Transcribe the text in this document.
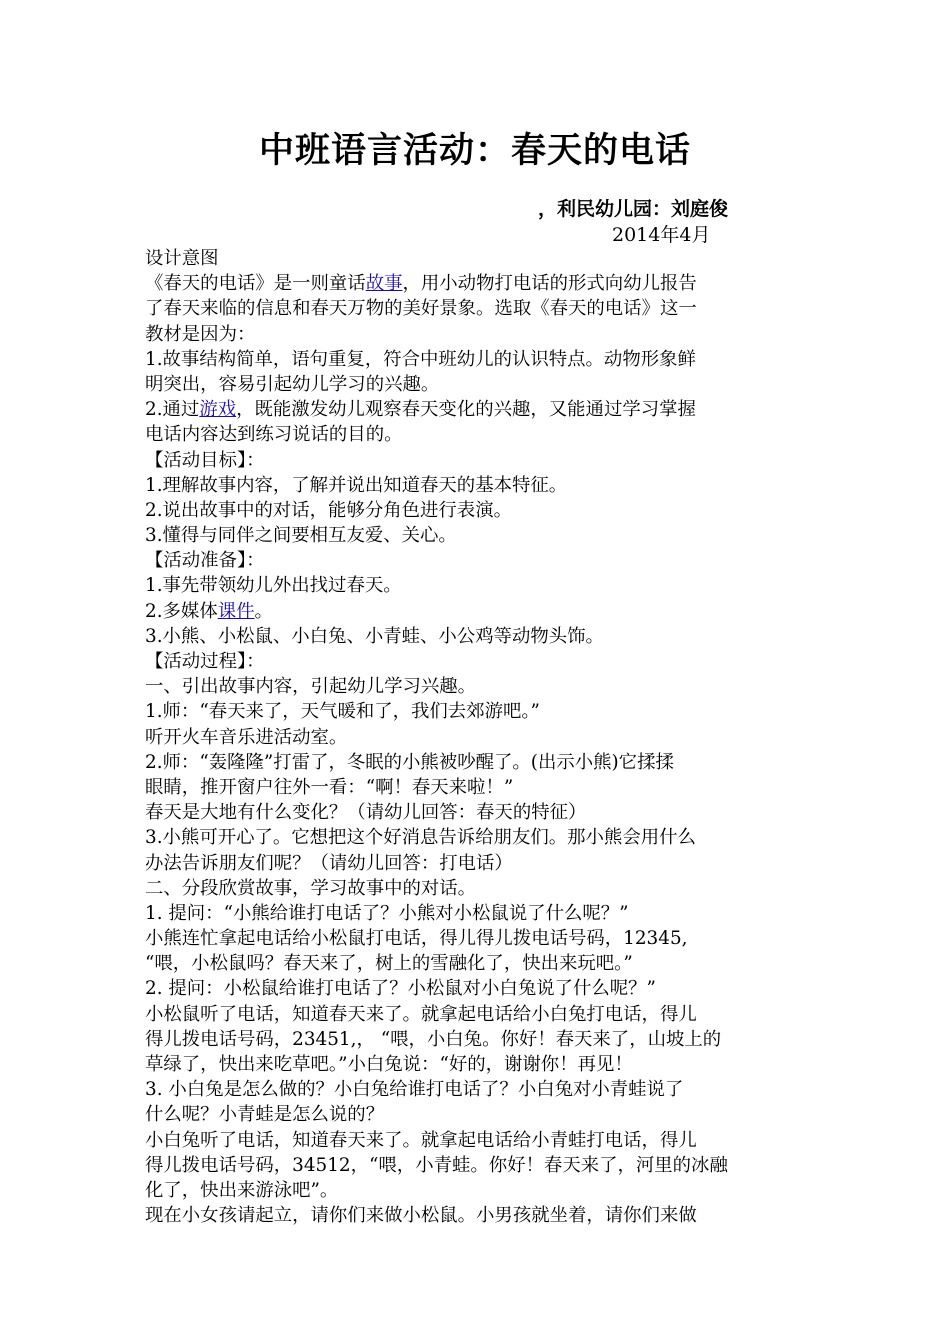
中班语言活动：春天的电话
，利民幼儿园：刘庭俊
2014年4月
设计意图
《春天的电话》是一则童话故事，用小动物打电话的形式向幼儿报告
了春天来临的信息和春天万物的美好景象。选取《春天的电话》这一
教材是因为：
1.故事结构简单，语句重复，符合中班幼儿的认识特点。动物形象鲜
明突出，容易引起幼儿学习的兴趣。
2.通过游戏，既能激发幼儿观察春天变化的兴趣，又能通过学习掌握
电话内容达到练习说话的目的。
【活动目标】：
1.理解故事内容，了解并说出知道春天的基本特征。
2.说出故事中的对话，能够分角色进行表演。
3.懂得与同伴之间要相互友爱、关心。
【活动准备】：
1.事先带领幼儿外出找过春天。
2.多媒体课件。
3.小熊、小松鼠、小白兔、小青蛙、小公鸡等动物头饰。
【活动过程】：
一、引出故事内容，引起幼儿学习兴趣。
1.师：“春天来了，天气暖和了，我们去郊游吧。”
听开火车音乐进活动室。
2.师：“轰隆隆”打雷了，冬眠的小熊被吵醒了。(出示小熊)它揉揉
眼睛，推开窗户往外一看：“啊！春天来啦！”
春天是大地有什么变化？（请幼儿回答：春天的特征）
3.小熊可开心了。它想把这个好消息告诉给朋友们。那小熊会用什么
办法告诉朋友们呢？（请幼儿回答：打电话）
二、分段欣赏故事，学习故事中的对话。
1. 提问：“小熊给谁打电话了？小熊对小松鼠说了什么呢？”
小熊连忙拿起电话给小松鼠打电话，得儿得儿拨电话号码，12345,
“喂，小松鼠吗？春天来了，树上的雪融化了，快出来玩吧。”
2. 提问：小松鼠给谁打电话了？小松鼠对小白兔说了什么呢？”
小松鼠听了电话，知道春天来了。就拿起电话给小白兔打电话，得儿
得儿拨电话号码，23451,， “喂，小白兔。你好！春天来了，山坡上的
草绿了，快出来吃草吧。”小白兔说：“好的，谢谢你！再见！
3. 小白兔是怎么做的？小白兔给谁打电话了？小白兔对小青蛙说了
什么呢？小青蛙是怎么说的？
小白兔听了电话，知道春天来了。就拿起电话给小青蛙打电话，得儿
得儿拨电话号码，34512，“喂，小青蛙。你好！春天来了，河里的冰融
化了，快出来游泳吧”。
现在小女孩请起立，请你们来做小松鼠。小男孩就坐着，请你们来做
